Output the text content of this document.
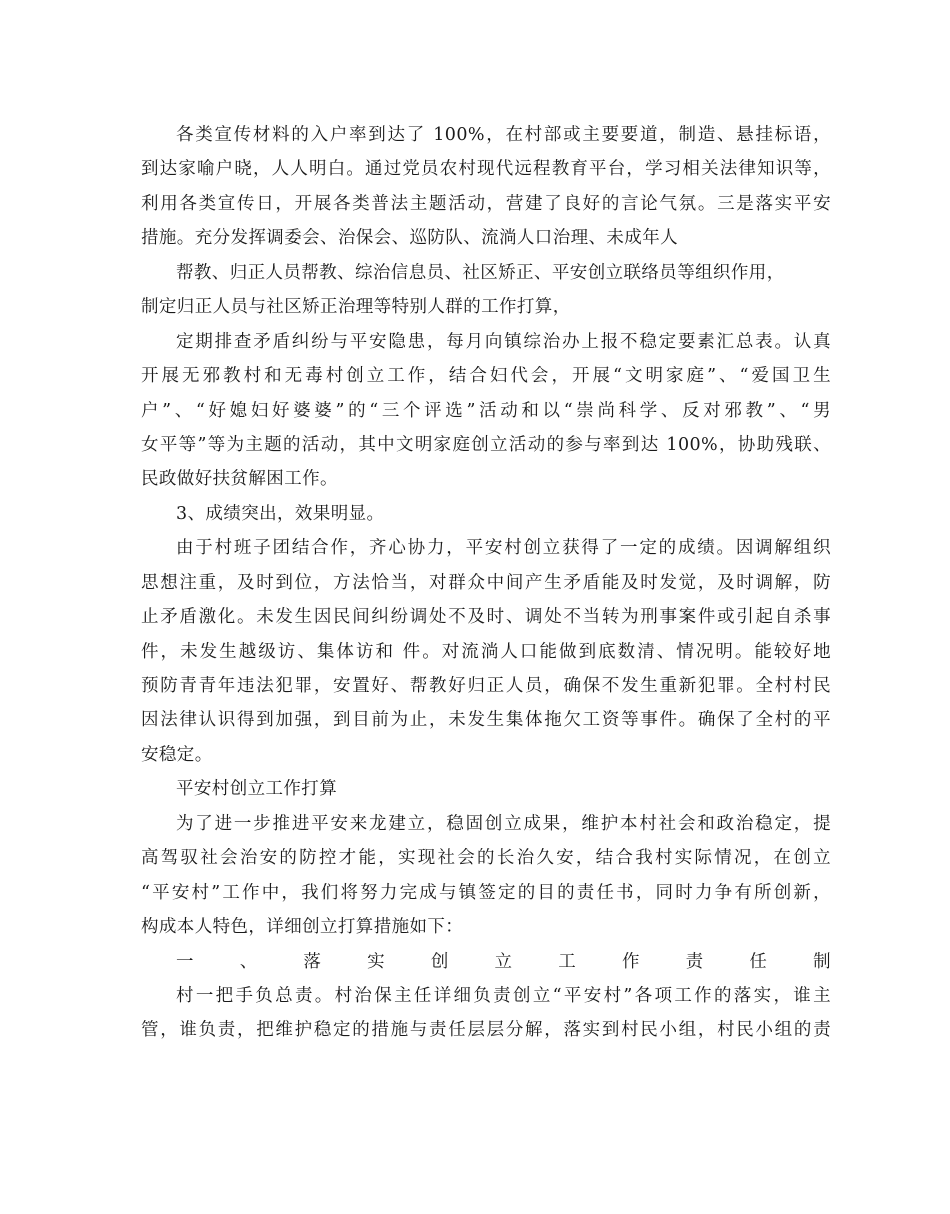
各类宣传材料的入户率到达了 100%，在村部或主要要道，制造、悬挂标语，
到达家喻户晓，人人明白。通过党员农村现代远程教育平台，学习相关法律知识等，
利用各类宣传日，开展各类普法主题活动，营建了良好的言论气氛。三是落实平安
措施。充分发挥调委会、治保会、巡防队、流淌人口治理、未成年人
帮教、归正人员帮教、综治信息员、社区矫正、平安创立联络员等组织作用，
制定归正人员与社区矫正治理等特别人群的工作打算，
定期排查矛盾纠纷与平安隐患，每月向镇综治办上报不稳定要素汇总表。认真
开展无邪教村和无毒村创立工作，结合妇代会，开展“文明家庭”、“爱国卫生
户”、“好媳妇好婆婆”的“三个评选”活动和以“崇尚科学、反对邪教”、“男
女平等”等为主题的活动，其中文明家庭创立活动的参与率到达 100%，协助残联、
民政做好扶贫解困工作。
3、成绩突出，效果明显。
由于村班子团结合作，齐心协力，平安村创立获得了一定的成绩。因调解组织
思想注重，及时到位，方法恰当，对群众中间产生矛盾能及时发觉，及时调解，防
止矛盾激化。未发生因民间纠纷调处不及时、调处不当转为刑事案件或引起自杀事
件，未发生越级访、集体访和 件。对流淌人口能做到底数清、情况明。能较好地
预防青青年违法犯罪，安置好、帮教好归正人员，确保不发生重新犯罪。全村村民
因法律认识得到加强，到目前为止，未发生集体拖欠工资等事件。确保了全村的平
安稳定。
平安村创立工作打算
为了进一步推进平安来龙建立，稳固创立成果，维护本村社会和政治稳定，提
高驾驭社会治安的防控才能，实现社会的长治久安，结合我村实际情况，在创立
“平安村”工作中，我们将努力完成与镇签定的目的责任书，同时力争有所创新，
构成本人特色，详细创立打算措施如下：
一、落实创立工作责任制
村一把手负总责。村治保主任详细负责创立“平安村”各项工作的落实，谁主
管，谁负责，把维护稳定的措施与责任层层分解，落实到村民小组，村民小组的责
